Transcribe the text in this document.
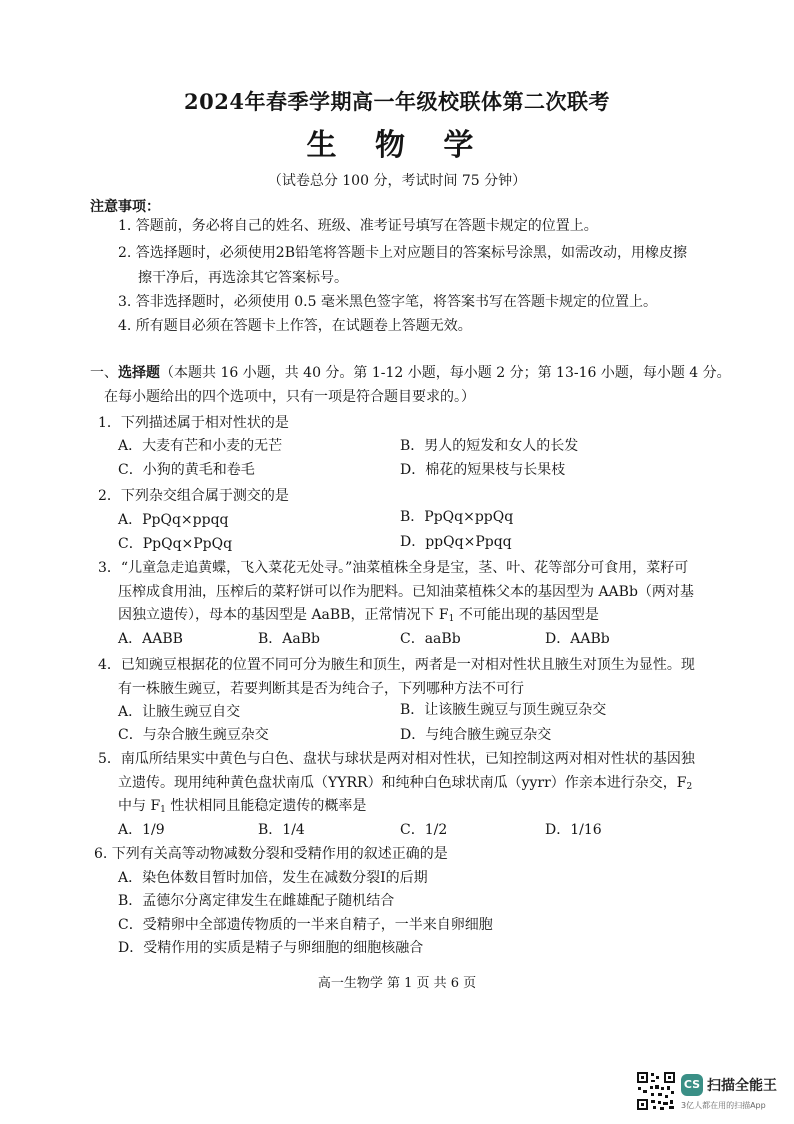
2024年春季学期高一年级校联体第二次联考
生 物 学
（试卷总分 100 分，考试时间 75 分钟）
注意事项：
1. 答题前，务必将自己的姓名、班级、准考证号填写在答题卡规定的位置上。
2. 答选择题时，必须使用2B铅笔将答题卡上对应题目的答案标号涂黑，如需改动，用橡皮擦
擦干净后，再选涂其它答案标号。
3. 答非选择题时，必须使用 0.5 毫米黑色签字笔，将答案书写在答题卡规定的位置上。
4. 所有题目必须在答题卡上作答，在试题卷上答题无效。
一、选择题（本题共 16 小题，共 40 分。第 1-12 小题，每小题 2 分；第 13-16 小题，每小题 4 分。
在每小题给出的四个选项中，只有一项是符合题目要求的。）
1．下列描述属于相对性状的是
A．大麦有芒和小麦的无芒	B．男人的短发和女人的长发
C．小狗的黄毛和卷毛	D．棉花的短果枝与长果枝
2．下列杂交组合属于测交的是
A．PpQq×ppqq	B．PpQq×ppQq
C．PpQq×PpQq	D．ppQq×Ppqq
3．“儿童急走追黄蝶，飞入菜花无处寻。”油菜植株全身是宝，茎、叶、花等部分可食用，菜籽可
压榨成食用油，压榨后的菜籽饼可以作为肥料。已知油菜植株父本的基因型为 AABb（两对基
因独立遗传），母本的基因型是 AaBB，正常情况下 $F_1$ 不可能出现的基因型是
A．AABB	B．AaBb	C．aaBb	D．AABb
4．已知豌豆根据花的位置不同可分为腋生和顶生，两者是一对相对性状且腋生对顶生为显性。现
有一株腋生豌豆，若要判断其是否为纯合子，下列哪种方法不可行
A．让腋生豌豆自交	B．让该腋生豌豆与顶生豌豆杂交
C．与杂合腋生豌豆杂交	D．与纯合腋生豌豆杂交
5．南瓜所结果实中黄色与白色、盘状与球状是两对相对性状，已知控制这两对相对性状的基因独
立遗传。现用纯种黄色盘状南瓜（YYRR）和纯种白色球状南瓜（yyrr）作亲本进行杂交，$F_2$
中与 $F_1$ 性状相同且能稳定遗传的概率是
A．1/9	B．1/4	C．1/2	D．1/16
6. 下列有关高等动物减数分裂和受精作用的叙述正确的是
A．染色体数目暂时加倍，发生在减数分裂Ⅰ的后期
B．孟德尔分离定律发生在雌雄配子随机结合
C．受精卵中全部遗传物质的一半来自精子，一半来自卵细胞
D．受精作用的实质是精子与卵细胞的细胞核融合
高一生物学 第 1 页 共 6 页
CS 扫描全能王
3亿人都在用的扫描App
